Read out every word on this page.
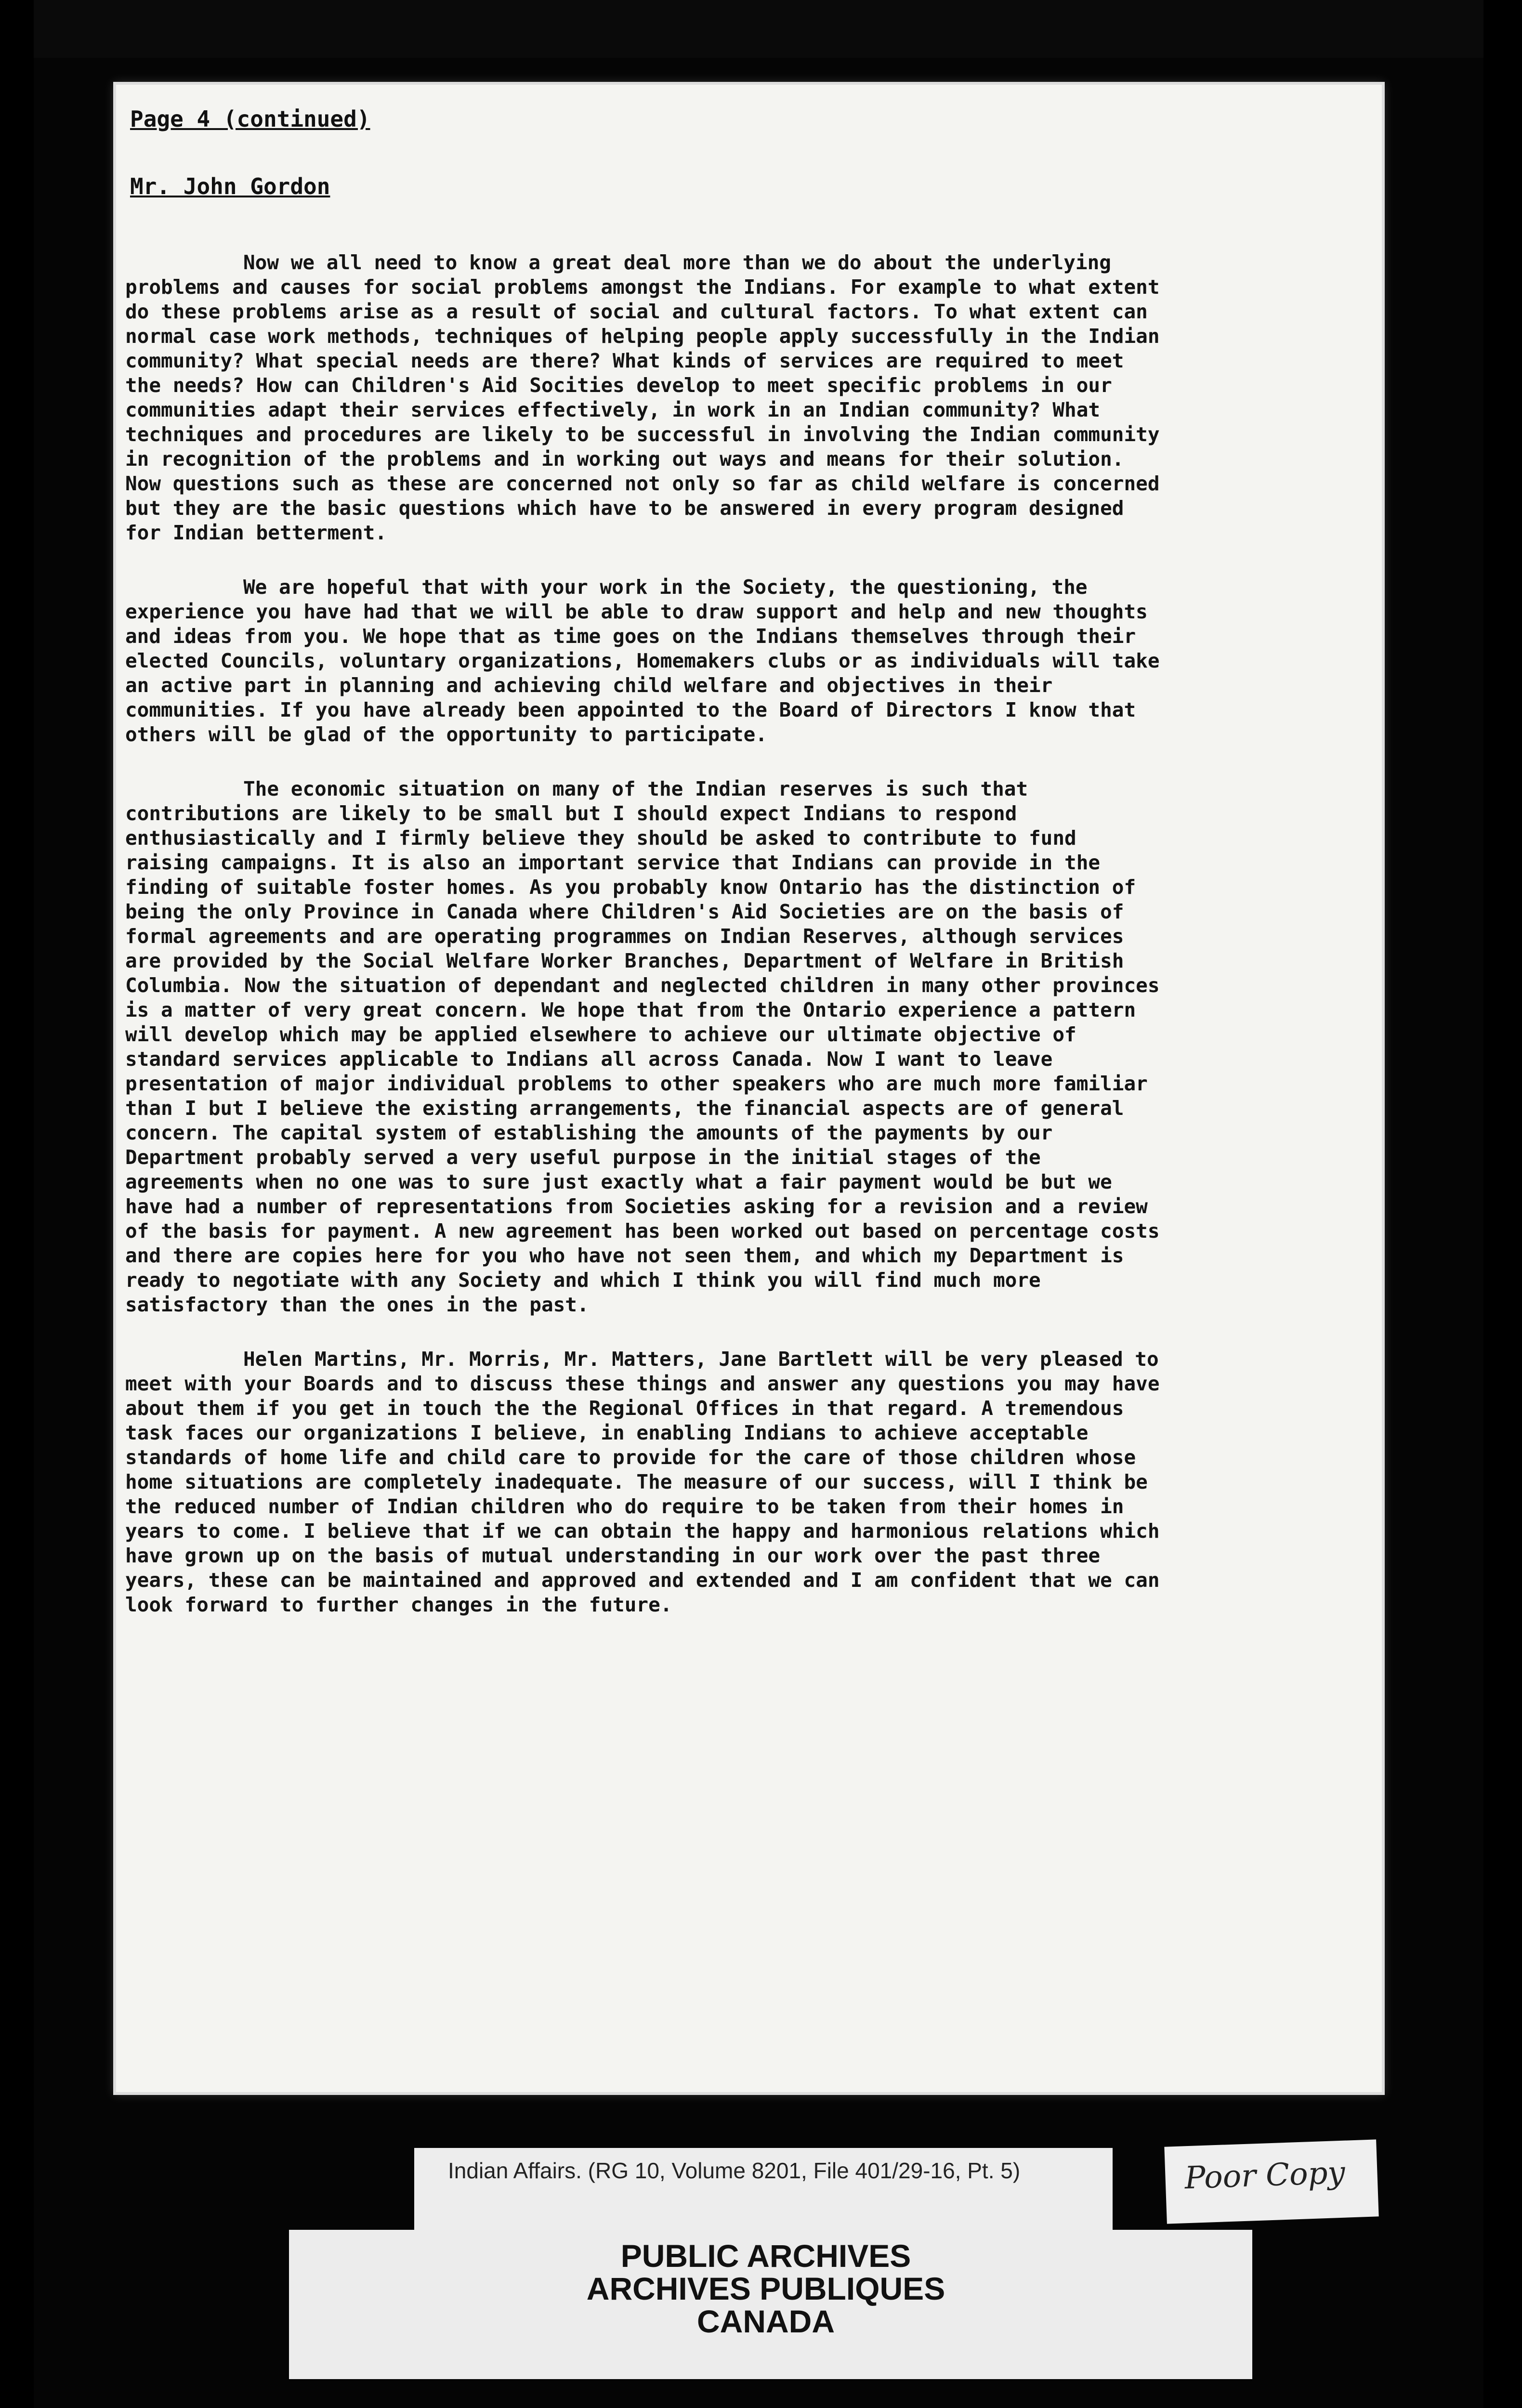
Page 4 (continued)
Mr. John Gordon

Now we all need to know a great deal more than we do about the underlying problems and causes for social problems amongst the Indians. For example to what extent do these problems arise as a result of social and cultural factors. To what extent can normal case work methods, techniques of helping people apply successfully in the Indian community? What special needs are there? What kinds of services are required to meet the needs? How can Children's Aid Socities develop to meet specific problems in our communities adapt their services effectively, in work in an Indian community? What techniques and procedures are likely to be successful in involving the Indian community in recognition of the problems and in working out ways and means for their solution. Now questions such as these are concerned not only so far as child welfare is concerned but they are the basic questions which have to be answered in every program designed for Indian betterment.

We are hopeful that with your work in the Society, the questioning, the experience you have had that we will be able to draw support and help and new thoughts and ideas from you. We hope that as time goes on the Indians themselves through their elected Councils, voluntary organizations, Homemakers clubs or as individuals will take an active part in planning and achieving child welfare and objectives in their communities. If you have already been appointed to the Board of Directors I know that others will be glad of the opportunity to participate.

The economic situation on many of the Indian reserves is such that contributions are likely to be small but I should expect Indians to respond enthusiastically and I firmly believe they should be asked to contribute to fund raising campaigns. It is also an important service that Indians can provide in the finding of suitable foster homes. As you probably know Ontario has the distinction of being the only Province in Canada where Children's Aid Societies are on the basis of formal agreements and are operating programmes on Indian Reserves, although services are provided by the Social Welfare Worker Branches, Department of Welfare in British Columbia. Now the situation of dependant and neglected children in many other provinces is a matter of very great concern. We hope that from the Ontario experience a pattern will develop which may be applied elsewhere to achieve our ultimate objective of standard services applicable to Indians all across Canada. Now I want to leave presentation of major individual problems to other speakers who are much more familiar than I but I believe the existing arrangements, the financial aspects are of general concern. The capital system of establishing the amounts of the payments by our Department probably served a very useful purpose in the initial stages of the agreements when no one was to sure just exactly what a fair payment would be but we have had a number of representations from Societies asking for a revision and a review of the basis for payment. A new agreement has been worked out based on percentage costs and there are copies here for you who have not seen them, and which my Department is ready to negotiate with any Society and which I think you will find much more satisfactory than the ones in the past.

Helen Martins, Mr. Morris, Mr. Matters, Jane Bartlett will be very pleased to meet with your Boards and to discuss these things and answer any questions you may have about them if you get in touch the the Regional Offices in that regard. A tremendous task faces our organizations I believe, in enabling Indians to achieve acceptable standards of home life and child care to provide for the care of those children whose home situations are completely inadequate. The measure of our success, will I think be the reduced number of Indian children who do require to be taken from their homes in years to come. I believe that if we can obtain the happy and harmonious relations which have grown up on the basis of mutual understanding in our work over the past three years, these can be maintained and approved and extended and I am confident that we can look forward to further changes in the future.

Indian Affairs. (RG 10, Volume 8201, File 401/29-16, Pt. 5)	Poor Copy
PUBLIC ARCHIVES
ARCHIVES PUBLIQUES
CANADA
